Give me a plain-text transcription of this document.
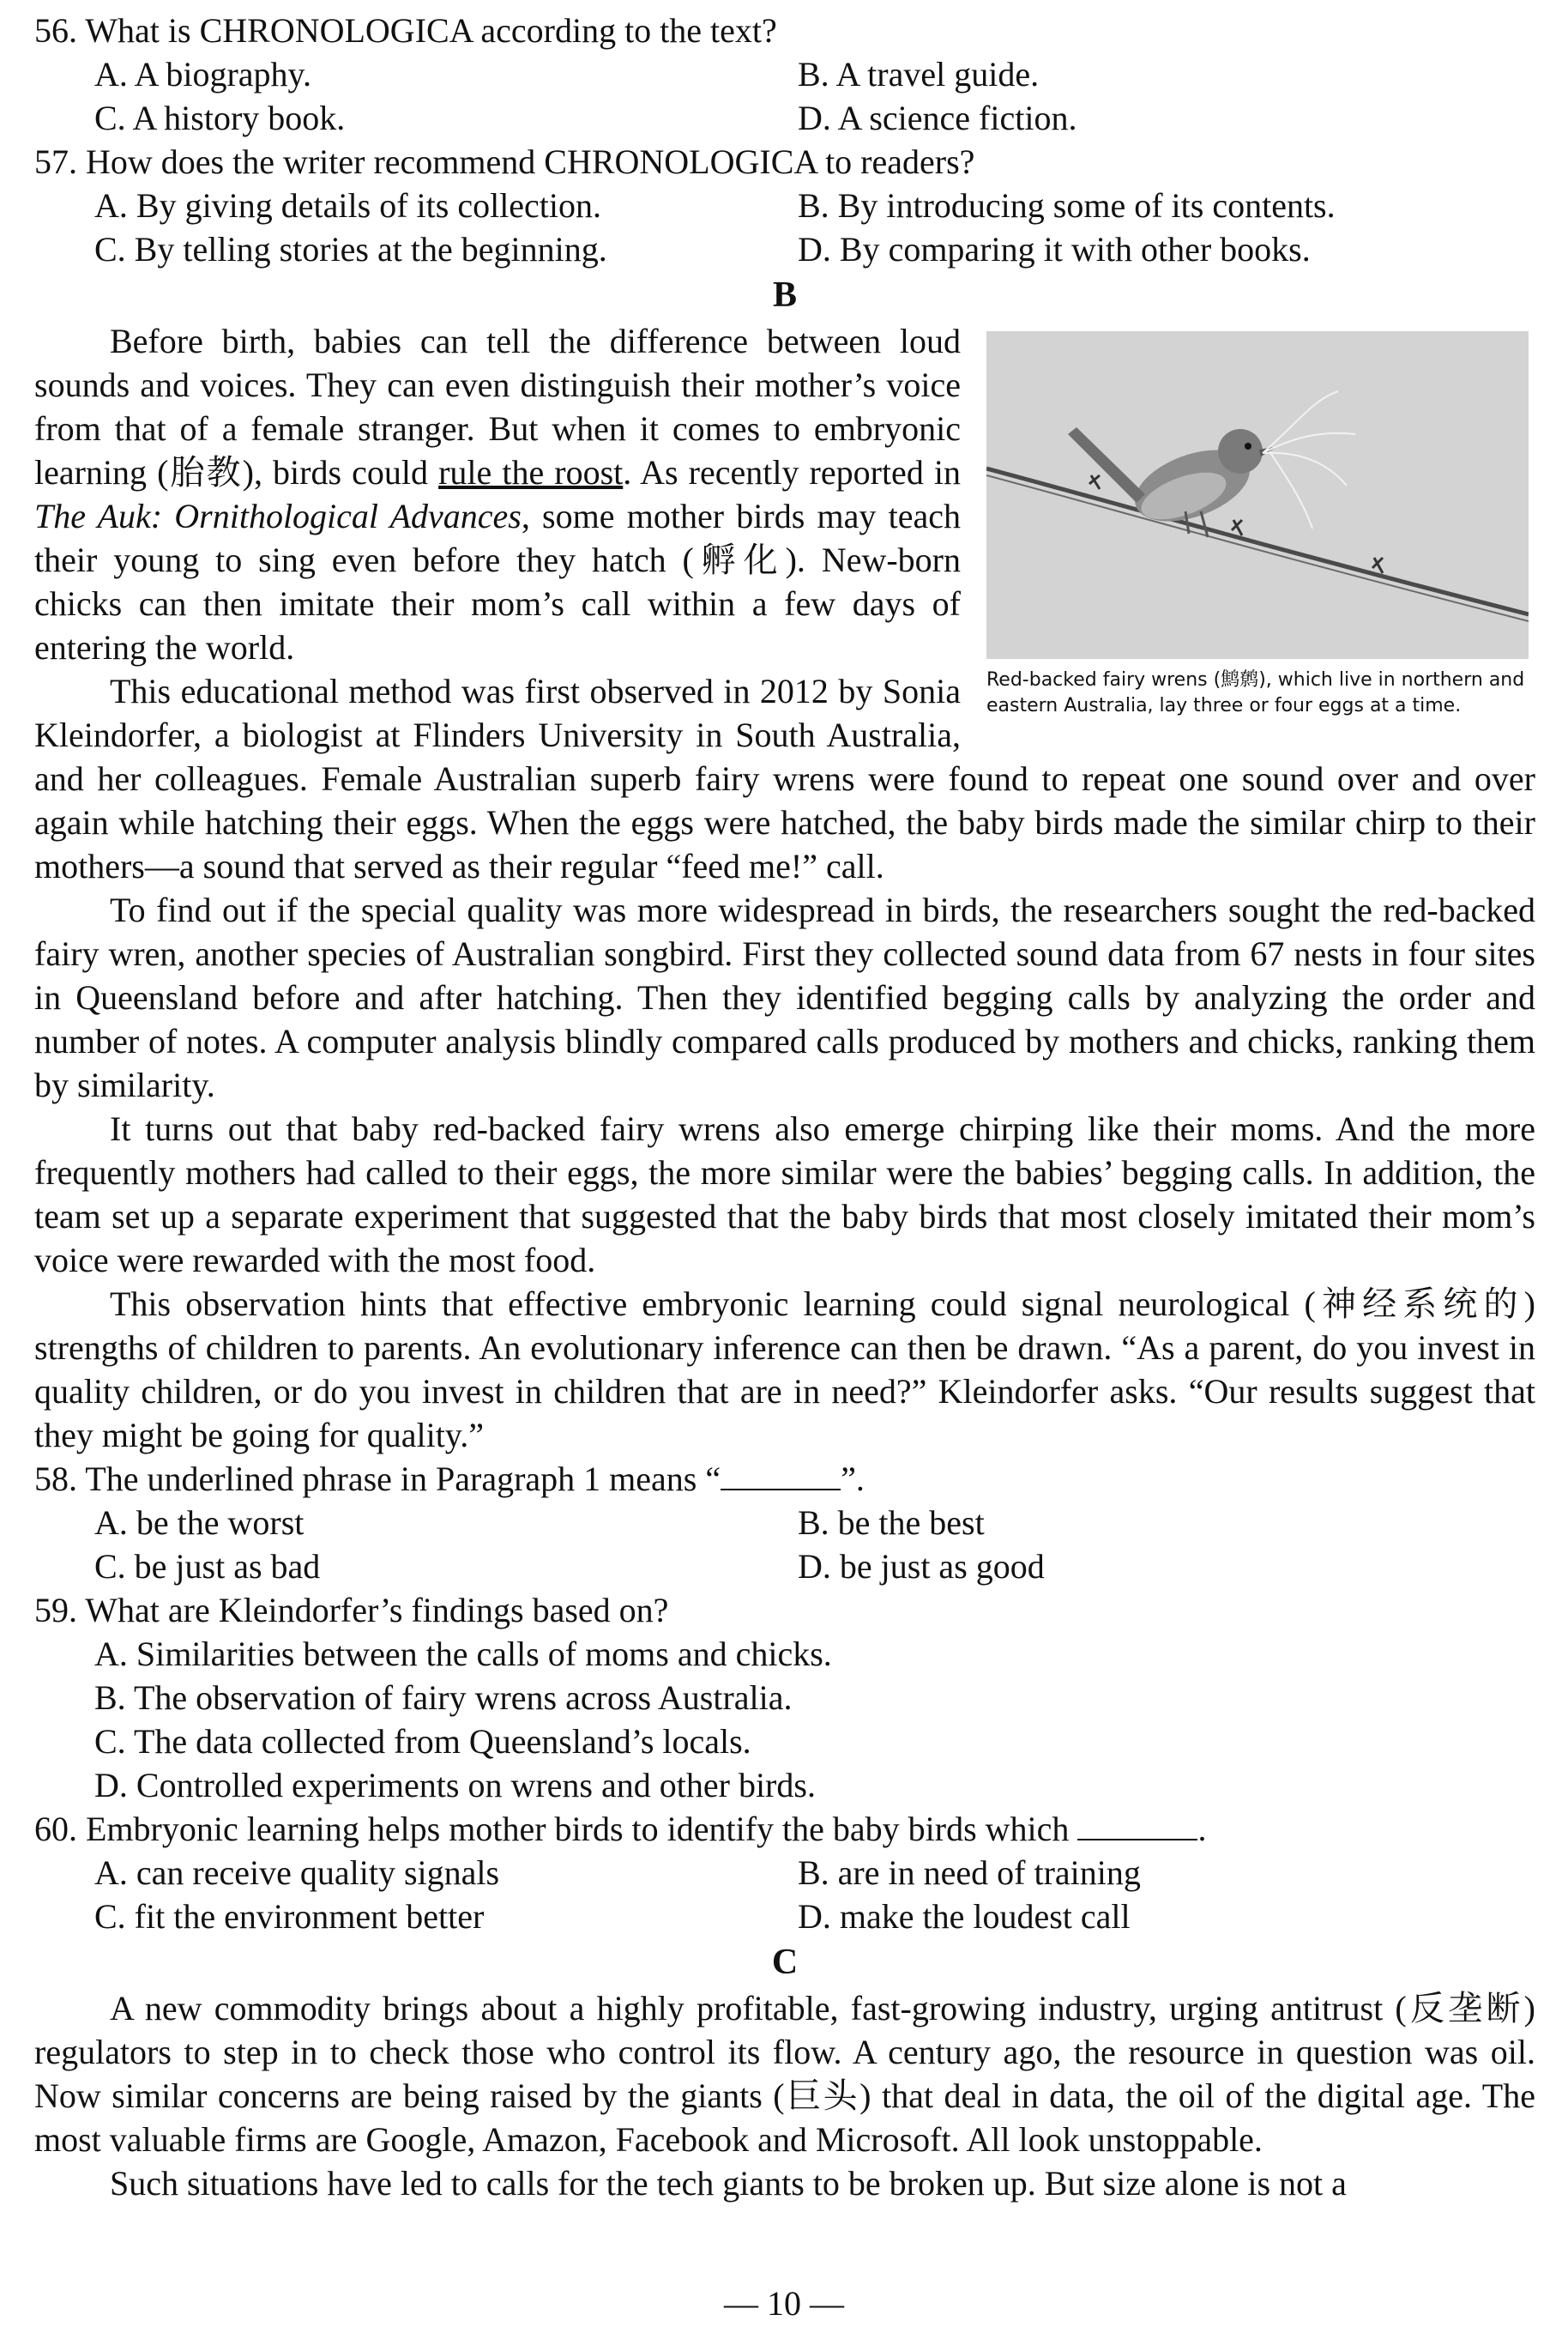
56. What is CHRONOLOGICA according to the text?
A. A biography.	B. A travel guide.
C. A history book.	D. A science fiction.
57. How does the writer recommend CHRONOLOGICA to readers?
A. By giving details of its collection.	B. By introducing some of its contents.
C. By telling stories at the beginning.	D. By comparing it with other books.
B
Red-backed fairy wrens (鹪鹩), which live in northern and eastern Australia, lay three or four eggs at a time.

Before birth, babies can tell the difference between loud sounds and voices. They can even distinguish their mother’s voice from that of a female stranger. But when it comes to embryonic learning (胎教), birds could rule the roost. As recently reported in The Auk: Ornithological Advances, some mother birds may teach their young to sing even before they hatch (孵化). New-born chicks can then imitate their mom’s call within a few days of entering the world.

This educational method was first observed in 2012 by Sonia Kleindorfer, a biologist at Flinders University in South Australia, and her colleagues. Female Australian superb fairy wrens were found to repeat one sound over and over again while hatching their eggs. When the eggs were hatched, the baby birds made the similar chirp to their mothers—a sound that served as their regular “feed me!” call.

To find out if the special quality was more widespread in birds, the researchers sought the red-backed fairy wren, another species of Australian songbird. First they collected sound data from 67 nests in four sites in Queensland before and after hatching. Then they identified begging calls by analyzing the order and number of notes. A computer analysis blindly compared calls produced by mothers and chicks, ranking them by similarity.

It turns out that baby red-backed fairy wrens also emerge chirping like their moms. And the more frequently mothers had called to their eggs, the more similar were the babies’ begging calls. In addition, the team set up a separate experiment that suggested that the baby birds that most closely imitated their mom’s voice were rewarded with the most food.

This observation hints that effective embryonic learning could signal neurological (神经系统的) strengths of children to parents. An evolutionary inference can then be drawn. “As a parent, do you invest in quality children, or do you invest in children that are in need?” Kleindorfer asks. “Our results suggest that they might be going for quality.”

58. The underlined phrase in Paragraph 1 means “	”.
A. be the worst	B. be the best
C. be just as bad	D. be just as good
59. What are Kleindorfer’s findings based on?
A. Similarities between the calls of moms and chicks.
B. The observation of fairy wrens across Australia.
C. The data collected from Queensland’s locals.
D. Controlled experiments on wrens and other birds.
60. Embryonic learning helps mother birds to identify the baby birds which	.
A. can receive quality signals	B. are in need of training
C. fit the environment better	D. make the loudest call
C

A new commodity brings about a highly profitable, fast-growing industry, urging antitrust (反垄断) regulators to step in to check those who control its flow. A century ago, the resource in question was oil. Now similar concerns are being raised by the giants (巨头) that deal in data, the oil of the digital age. The most valuable firms are Google, Amazon, Facebook and Microsoft. All look unstoppable.

Such situations have led to calls for the tech giants to be broken up. But size alone is not a

— 10 —
